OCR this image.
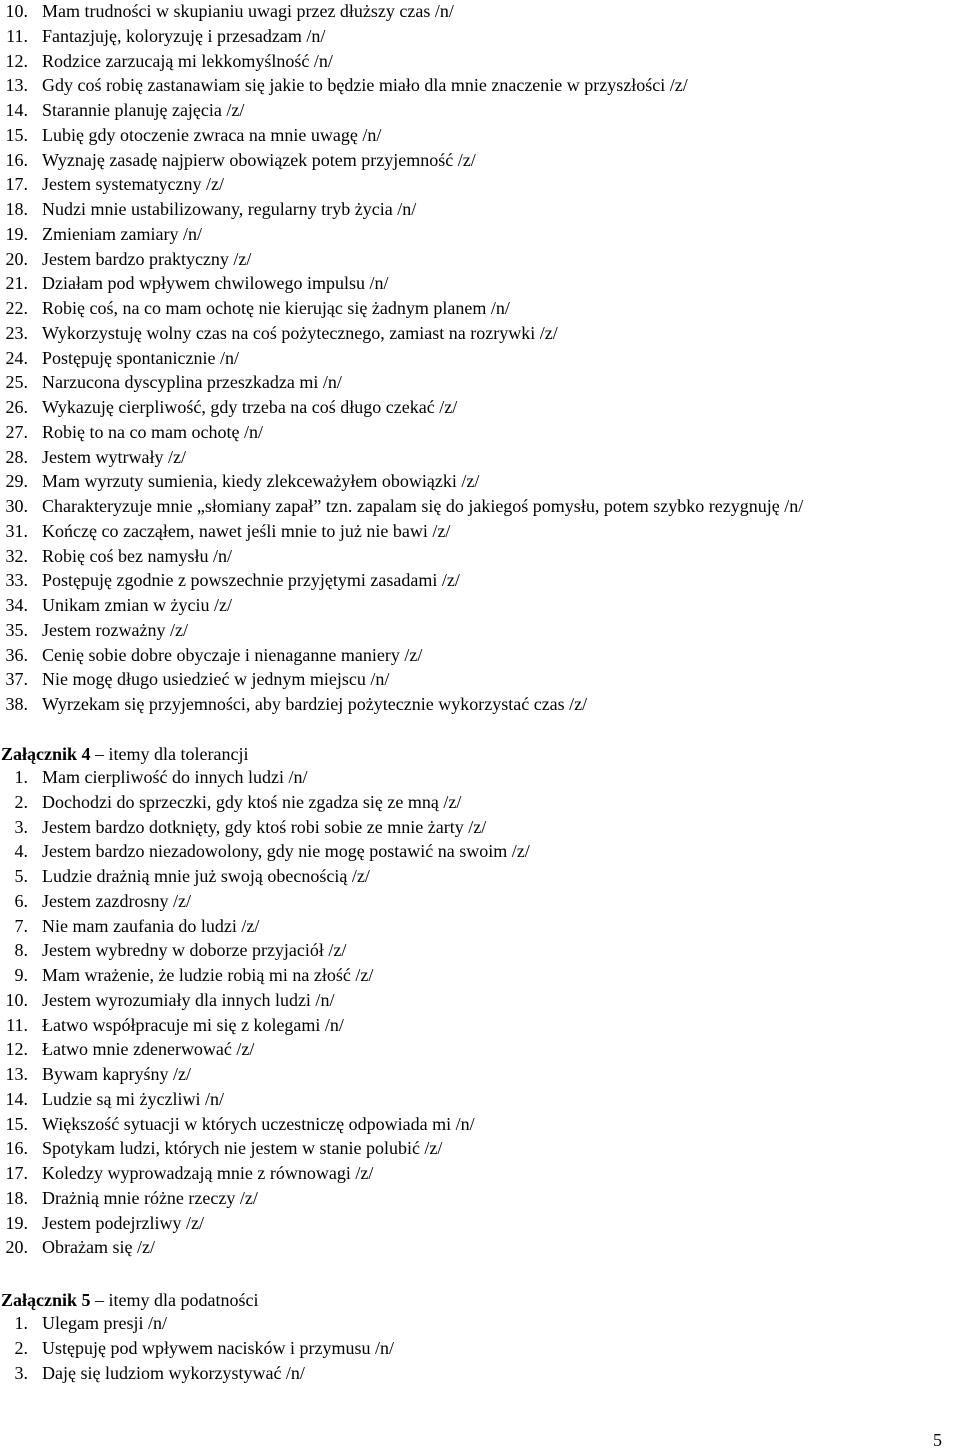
10. Mam trudności w skupianiu uwagi przez dłuższy czas /n/
11. Fantazjuję, koloryzuję i przesadzam /n/
12. Rodzice zarzucają mi lekkomyślność /n/
13. Gdy coś robię zastanawiam się jakie to będzie miało dla mnie znaczenie w przyszłości /z/
14. Starannie planuję zajęcia /z/
15. Lubię gdy otoczenie zwraca na mnie uwagę /n/
16. Wyznaję zasadę najpierw obowiązek potem przyjemność /z/
17. Jestem systematyczny /z/
18. Nudzi mnie ustabilizowany, regularny tryb życia /n/
19. Zmieniam zamiary /n/
20. Jestem bardzo praktyczny /z/
21. Działam pod wpływem chwilowego impulsu /n/
22. Robię coś, na co mam ochotę nie kierując się żadnym planem /n/
23. Wykorzystuję wolny czas na coś pożytecznego, zamiast na rozrywki /z/
24. Postępuję spontanicznie /n/
25. Narzucona dyscyplina przeszkadza mi /n/
26. Wykazuję cierpliwość, gdy trzeba na coś długo czekać /z/
27. Robię to na co mam ochotę /n/
28. Jestem wytrwały /z/
29. Mam wyrzuty sumienia, kiedy zlekceważyłem obowiązki /z/
30. Charakteryzuje mnie „słomiany zapał” tzn. zapalam się do jakiegoś pomysłu, potem szybko rezygnuję /n/
31. Kończę co zacząłem, nawet jeśli mnie to już nie bawi /z/
32. Robię coś bez namysłu /n/
33. Postępuję zgodnie z powszechnie przyjętymi zasadami /z/
34. Unikam zmian w życiu /z/
35. Jestem rozważny /z/
36. Cenię sobie dobre obyczaje i nienaganne maniery /z/
37. Nie mogę długo usiedzieć w jednym miejscu /n/
38. Wyrzekam się przyjemności, aby bardziej pożytecznie wykorzystać czas /z/
Załącznik 4 – itemy dla tolerancji
1. Mam cierpliwość do innych ludzi /n/
2. Dochodzi do sprzeczki, gdy ktoś nie zgadza się ze mną /z/
3. Jestem bardzo dotknięty, gdy ktoś robi sobie ze mnie żarty /z/
4. Jestem bardzo niezadowolony, gdy nie mogę postawić na swoim /z/
5. Ludzie drażnią mnie już swoją obecnością /z/
6. Jestem zazdrosny /z/
7. Nie mam zaufania do ludzi /z/
8. Jestem wybredny w doborze przyjaciół /z/
9. Mam wrażenie, że ludzie robią mi na złość /z/
10. Jestem wyrozumiały dla innych ludzi /n/
11. Łatwo współpracuje mi się z kolegami /n/
12. Łatwo mnie zdenerwować /z/
13. Bywam kapryśny /z/
14. Ludzie są mi życzliwi /n/
15. Większość sytuacji w których uczestniczę odpowiada mi /n/
16. Spotykam ludzi, których nie jestem w stanie polubić /z/
17. Koledzy wyprowadzają mnie z równowagi /z/
18. Drażnią mnie różne rzeczy /z/
19. Jestem podejrzliwy /z/
20. Obrażam się /z/
Załącznik 5 – itemy dla podatności
1. Ulegam presji /n/
2. Ustępuję pod wpływem nacisków i przymusu /n/
3. Daję się ludziom wykorzystywać /n/
5
